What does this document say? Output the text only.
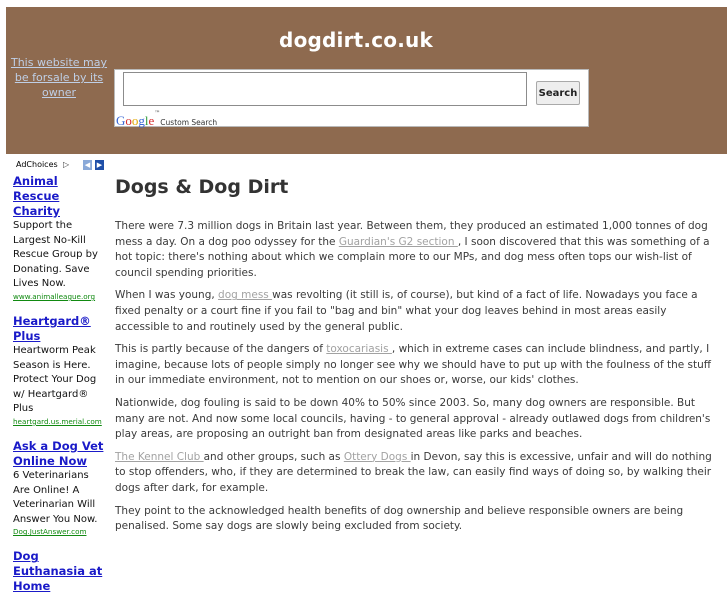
dogdirt.co.uk
This website may be forsale by its owner	Search
Google™Custom Search
AdChoices ▷ ◀ ▶
Animal Rescue Charity
Support the Largest No-Kill Rescue Group by Donating. Save Lives Now.
www.animalleague.org
Heartgard® Plus
Heartworm Peak Season is Here. Protect Your Dog w/ Heartgard® Plus
heartgard.us.merial.com
Ask a Dog Vet Online Now
6 Veterinarians Are Online! A Veterinarian Will Answer You Now.
Dog.JustAnswer.com
Dog Euthanasia at Home
Dogs & Dog Dirt

There were 7.3 million dogs in Britain last year. Between them, they produced an estimated 1,000 tonnes of dog mess a day. On a dog poo odyssey for the Guardian's G2 section , I soon discovered that this was something of a hot topic: there's nothing about which we complain more to our MPs, and dog mess often tops our wish-list of council spending priorities.

When I was young, dog mess was revolting (it still is, of course), but kind of a fact of life. Nowadays you face a fixed penalty or a court fine if you fail to "bag and bin" what your dog leaves behind in most areas easily accessible to and routinely used by the general public.

This is partly because of the dangers of toxocariasis , which in extreme cases can include blindness, and partly, I imagine, because lots of people simply no longer see why we should have to put up with the foulness of the stuff in our immediate environment, not to mention on our shoes or, worse, our kids' clothes.

Nationwide, dog fouling is said to be down 40% to 50% since 2003. So, many dog owners are responsible. But many are not. And now some local councils, having - to general approval - already outlawed dogs from children's play areas, are proposing an outright ban from designated areas like parks and beaches.

The Kennel Club and other groups, such as Ottery Dogs in Devon, say this is excessive, unfair and will do nothing to stop offenders, who, if they are determined to break the law, can easily find ways of doing so, by walking their dogs after dark, for example.

They point to the acknowledged health benefits of dog ownership and believe responsible owners are being penalised. Some say dogs are slowly being excluded from society.
